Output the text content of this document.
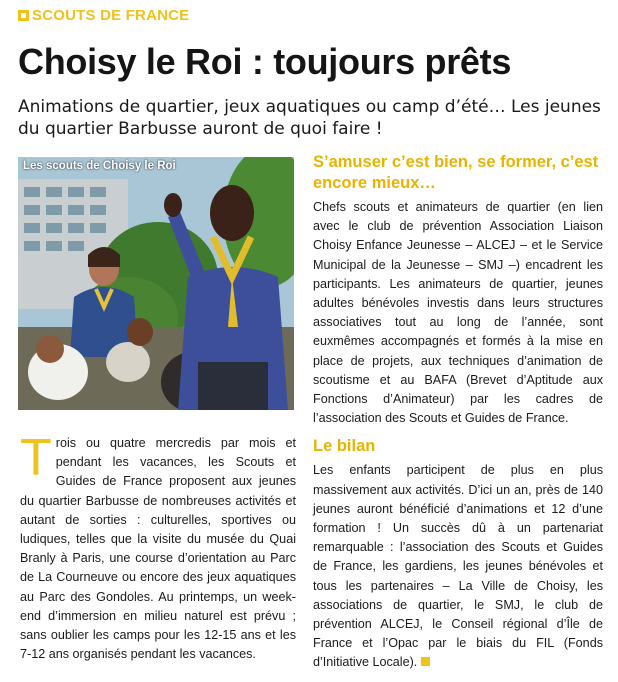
SCOUTS DE FRANCE
Choisy le Roi : toujours prêts

Animations de quartier, jeux aquatiques ou camp d’été… Les jeunes du quartier Barbusse auront de quoi faire !

Les scouts de Choisy le Roi

Trois ou quatre mercredis par mois et pendant les vacances, les Scouts et Guides de France proposent aux jeunes du quartier Barbusse de nombreuses activités et autant de sorties : culturelles, sportives ou ludiques, telles que la visite du musée du Quai Branly à Paris, une course d’orientation au Parc de La Courneuve ou encore des jeux aquatiques au Parc des Gondoles. Au printemps, un week-end d’immersion en milieu naturel est prévu ; sans oublier les camps pour les 12-15 ans et les 7-12 ans organisés pendant les vacances.

S’amuser c’est bien, se former, c’est encore mieux…

Chefs scouts et animateurs de quartier (en lien avec le club de prévention Association Liaison Choisy Enfance Jeunesse – ALCEJ – et le Service Municipal de la Jeunesse – SMJ –) encadrent les participants. Les animateurs de quartier, jeunes adultes bénévoles investis dans leurs structures associatives tout au long de l’année, sont euxmêmes accompagnés et formés à la mise en place de projets, aux techniques d’animation de scoutisme et au BAFA (Brevet d’Aptitude aux Fonctions d’Animateur) par les cadres de l’association des Scouts et Guides de France.

Le bilan

Les enfants participent de plus en plus massivement aux activités. D’ici un an, près de 140 jeunes auront bénéficié d’animations et 12 d’une formation ! Un succès dû à un partenariat remarquable : l’association des Scouts et Guides de France, les gardiens, les jeunes bénévoles et tous les partenaires – La Ville de Choisy, les associations de quartier, le SMJ, le club de prévention ALCEJ, le Conseil régional d’Île de France et l’Opac par le biais du FIL (Fonds d’Initiative Locale).
